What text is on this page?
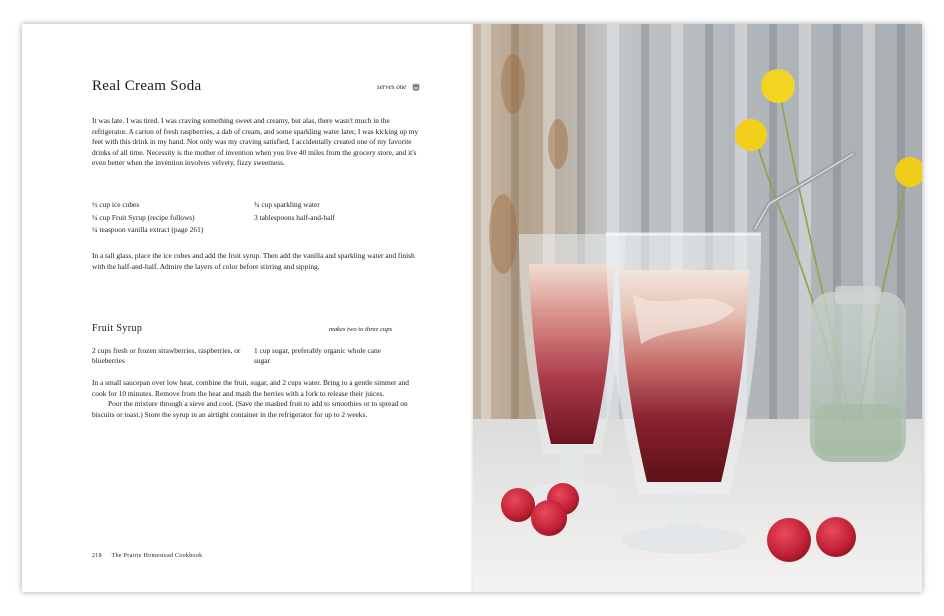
Real Cream Soda	serves one

It was late. I was tired. I was craving something sweet and creamy, but alas, there wasn't much in the refrigerator. A carton of fresh raspberries, a dab of cream, and some sparkling water later, I was kicking up my feet with this drink in my hand. Not only was my craving satisfied, I accidentally created one of my favorite drinks of all time. Necessity is the mother of invention when you live 40 miles from the grocery store, and it's even better when the invention involves velvety, fizzy sweetness.

½ cup ice cubes
¼ cup Fruit Syrup (recipe follows)
¼ teaspoon vanilla extract (page 261)
¾ cup sparkling water
3 tablespoons half-and-half

In a tall glass, place the ice cubes and add the fruit syrup. Then add the vanilla and sparkling water and finish with the half-and-half. Admire the layers of color before stirring and sipping.

Fruit Syrup	makes two to three cups
2 cups fresh or frozen strawberries, raspberries, or blueberries
1 cup sugar, preferably organic whole cane sugar
In a small saucepan over low heat, combine the fruit, sugar, and 2 cups water. Bring to a gentle simmer and cook for 10 minutes. Remove from the heat and mash the berries with a fork to release their juices.
Pour the mixture through a sieve and cool. (Save the mashed fruit to add to smoothies or to spread on biscuits or toast.) Store the syrup in an airtight container in the refrigerator for up to 2 weeks.
218 The Prairie Homestead Cookbook
